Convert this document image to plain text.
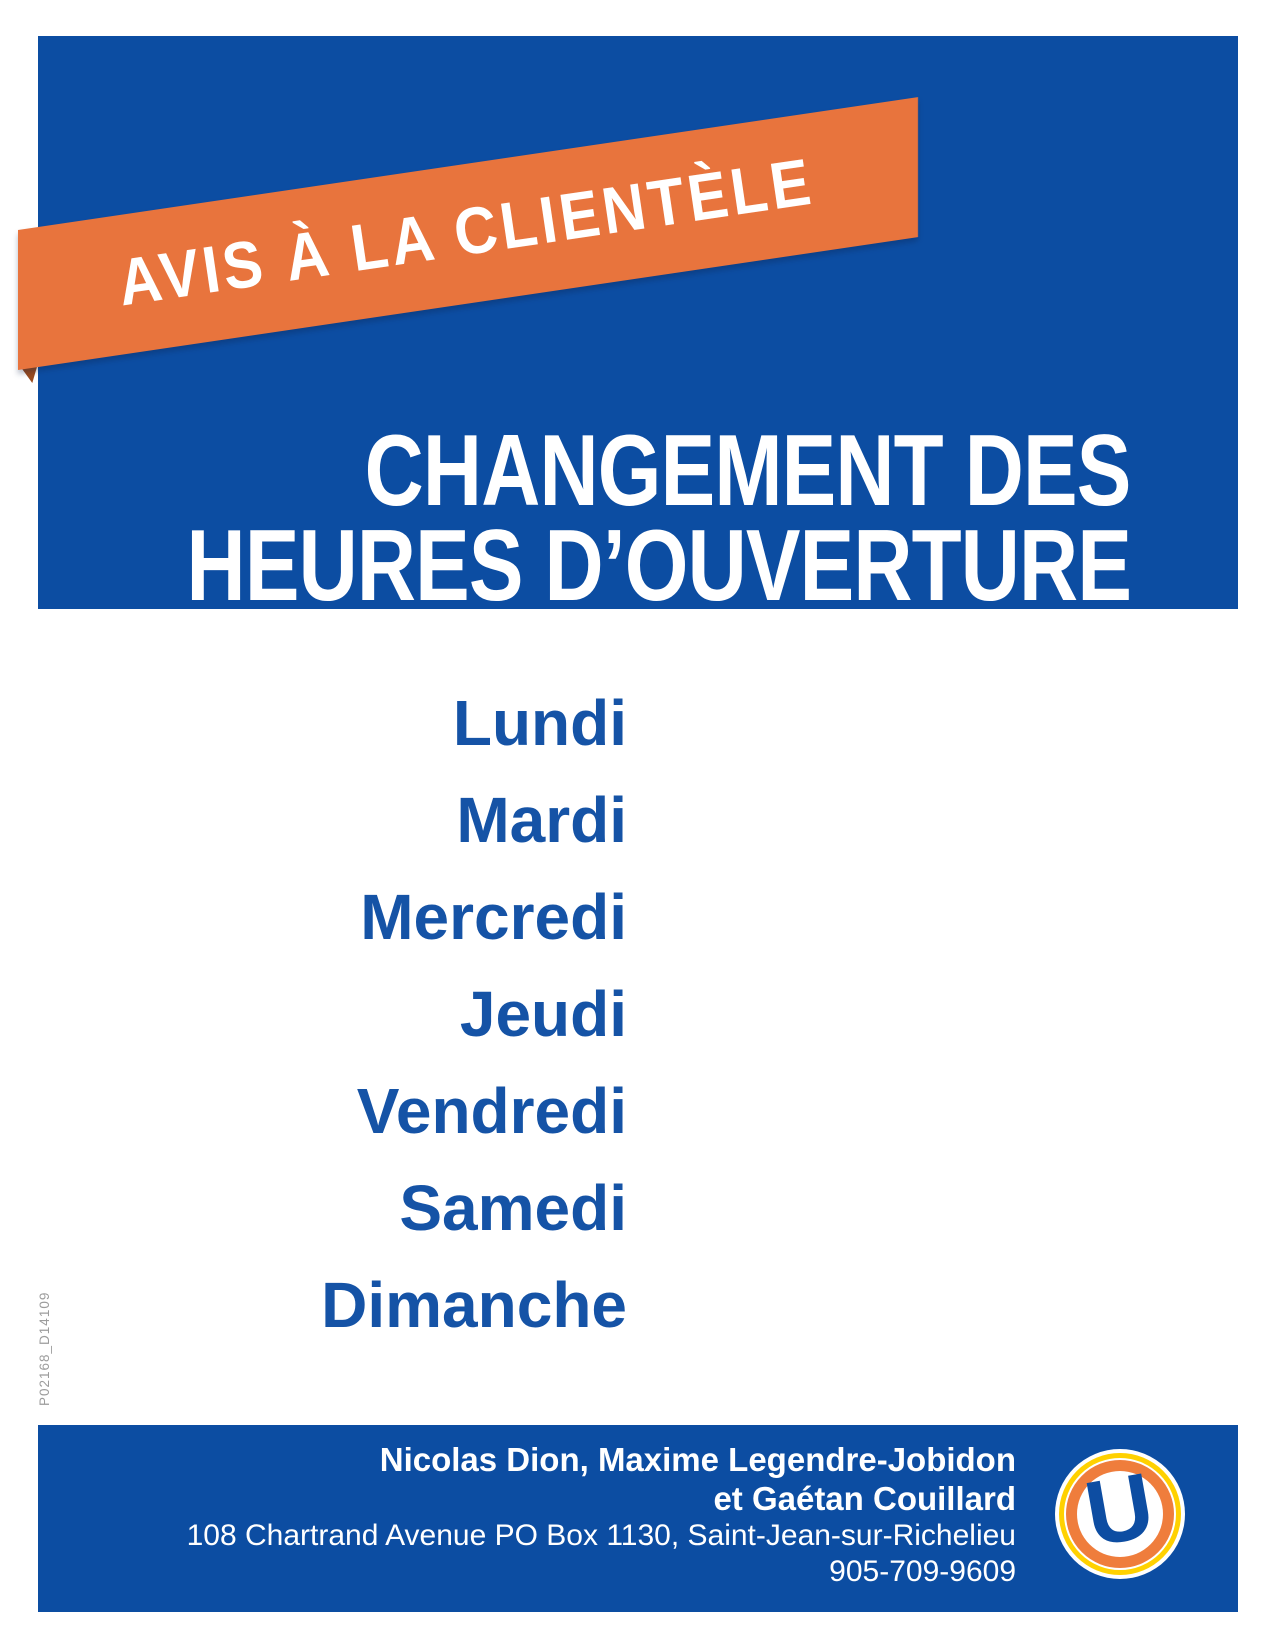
CHANGEMENT DES
HEURES D’OUVERTURE
AVIS À LA CLIENTÈLE
Lundi
Mardi
Mercredi
Jeudi
Vendredi
Samedi
Dimanche
P02168_D14109
Nicolas Dion, Maxime Legendre-Jobidon
et Gaétan Couillard
108 Chartrand Avenue PO Box 1130, Saint-Jean-sur-Richelieu
905-709-9609
U
